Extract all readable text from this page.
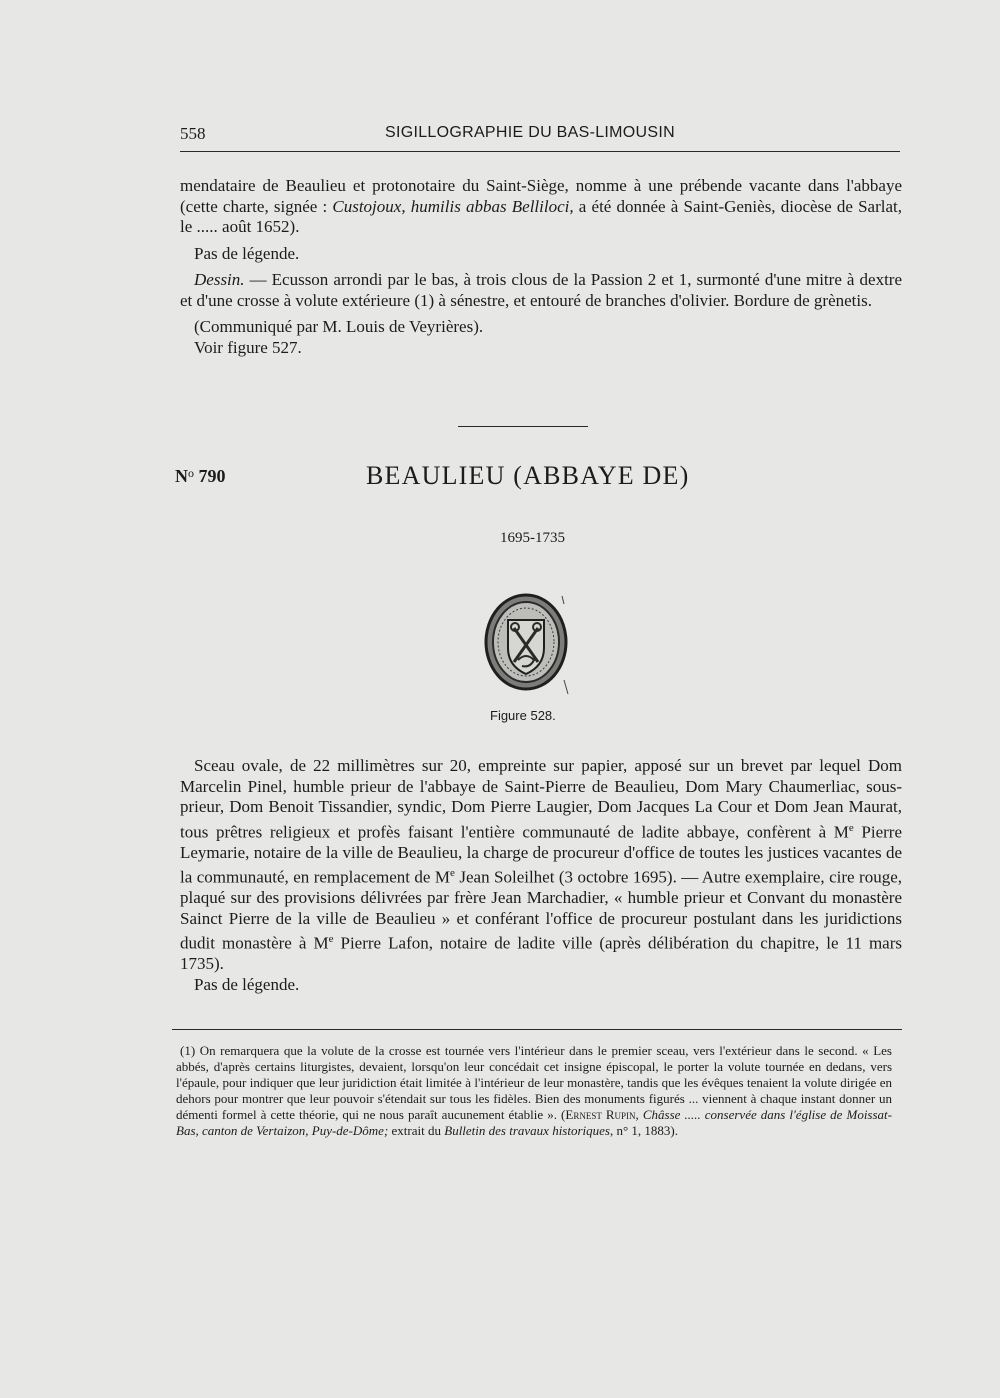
558	SIGILLOGRAPHIE DU BAS-LIMOUSIN

mendataire de Beaulieu et protonotaire du Saint-Siège, nomme à une prébende vacante dans l'abbaye (cette charte, signée : Custojoux, humilis abbas Belliloci, a été donnée à Saint-Geniès, diocèse de Sarlat, le ..... août 1652).

Pas de légende.

Dessin. — Ecusson arrondi par le bas, à trois clous de la Passion 2 et 1, surmonté d'une mitre à dextre et d'une crosse à volute extérieure (1) à sénestre, et entouré de branches d'olivier. Bordure de grènetis.

(Communiqué par M. Louis de Veyrières).

Voir figure 527.

$N^o$ 790	BEAULIEU (ABBAYE DE)
1695-1735
Figure 528.

Sceau ovale, de 22 millimètres sur 20, empreinte sur papier, apposé sur un brevet par lequel Dom Marcelin Pinel, humble prieur de l'abbaye de Saint-Pierre de Beaulieu, Dom Mary Chaumerliac, sous-prieur, Dom Benoit Tissandier, syndic, Dom Pierre Laugier, Dom Jacques La Cour et Dom Jean Maurat, tous prêtres religieux et profès faisant l'entière communauté de ladite abbaye, confèrent à Me Pierre Leymarie, notaire de la ville de Beaulieu, la charge de procureur d'office de toutes les justices vacantes de la communauté, en remplacement de Me Jean Soleilhet (3 octobre 1695). — Autre exemplaire, cire rouge, plaqué sur des provisions délivrées par frère Jean Marchadier, « humble prieur et Convant du monastère Sainct Pierre de la ville de Beaulieu » et conférant l'office de procureur postulant dans les juridictions dudit monastère à Me Pierre Lafon, notaire de ladite ville (après délibération du chapitre, le 11 mars 1735).

Pas de légende.

(1) On remarquera que la volute de la crosse est tournée vers l'intérieur dans le premier sceau, vers l'extérieur dans le second. « Les abbés, d'après certains liturgistes, devaient, lorsqu'on leur concédait cet insigne épiscopal, le porter la volute tournée en dedans, vers l'épaule, pour indiquer que leur juridiction était limitée à l'intérieur de leur monastère, tandis que les évêques tenaient la volute dirigée en dehors pour montrer que leur pouvoir s'étendait sur tous les fidèles. Bien des monuments figurés ... viennent à chaque instant donner un démenti formel à cette théorie, qui ne nous paraît aucunement établie ». (Ernest Rupin, Châsse ..... conservée dans l'église de Moissat-Bas, canton de Vertaizon, Puy-de-Dôme; extrait du Bulletin des travaux historiques, n° 1, 1883).
